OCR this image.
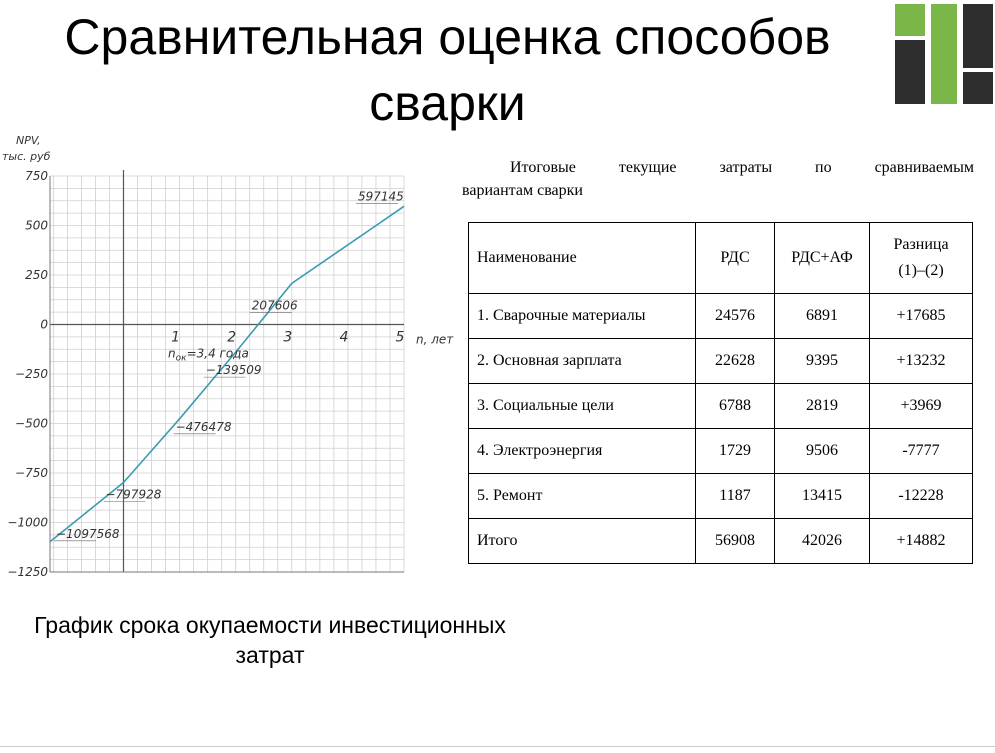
Сравнительная оценка способов
сварки
750
500
250
0
−250
−500
−750
−1000
−1250
1	2	3	4	5
NPV,
тыс. руб
n, лет
−1097568
−797928
−476478
−139509
207606
597145
$n_{ок}=3,4$ года
График срока окупаемости инвестиционных
затрат
Итоговые текущие затраты по сравниваемым
вариантам сварки
Наименование	РДС	РДС+АФ	Разница
(1)–(2)

1. Сварочные материалы	24576	6891	+17685
2. Основная зарплата	22628	9395	+13232
3. Социальные цели	6788	2819	+3969
4. Электроэнергия	1729	9506	-7777
5. Ремонт	1187	13415	-12228
Итого	56908	42026	+14882
